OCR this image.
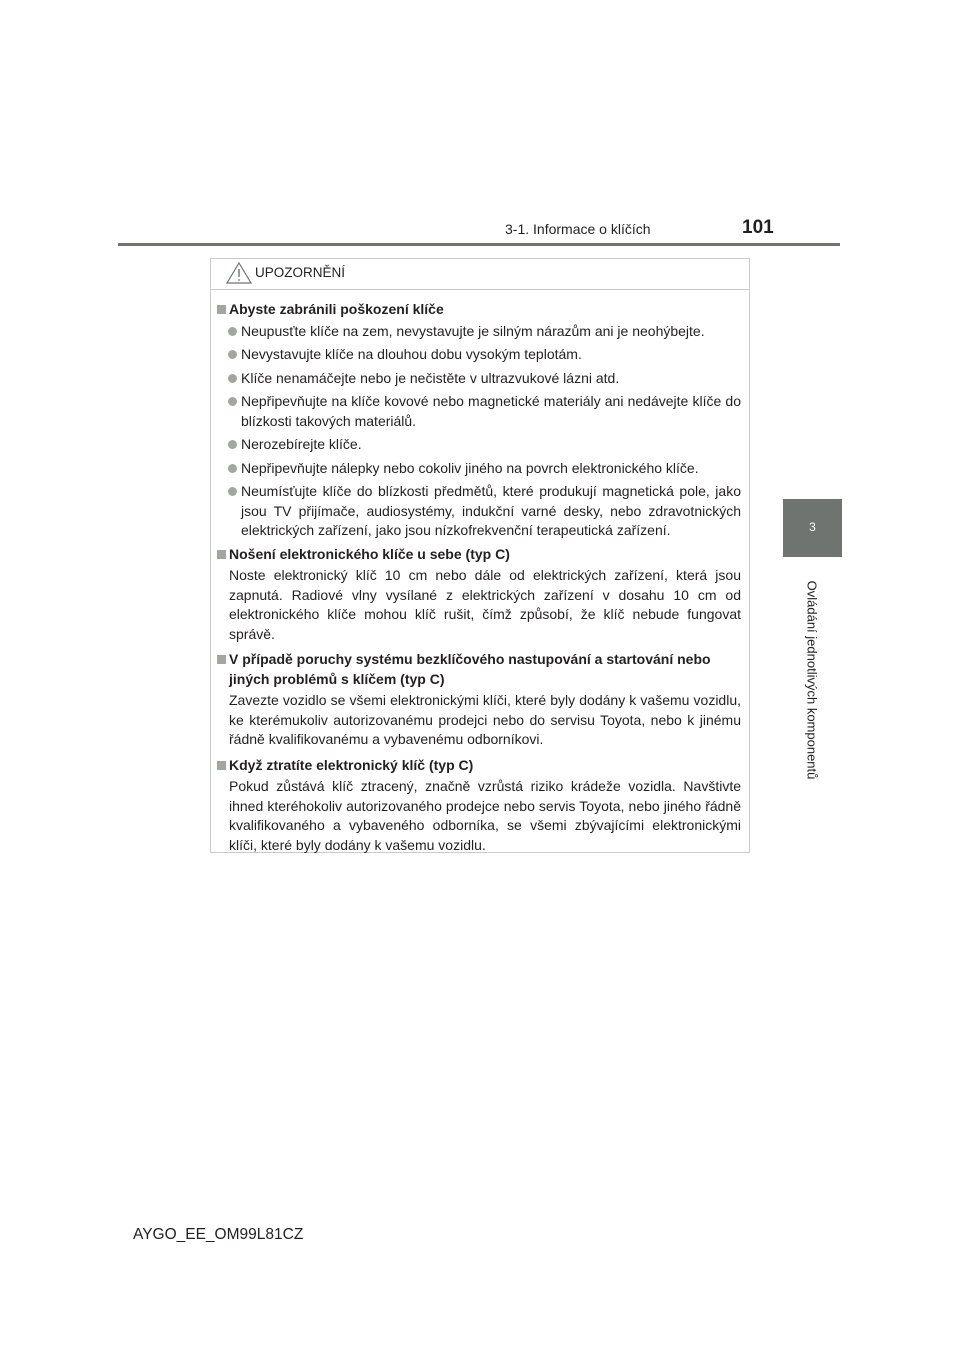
3-1. Informace o klíčích	101
3
Ovládání jednotlivých komponentů
UPOZORNĚNÍ
Abyste zabránili poškození klíče
Neupusťte klíče na zem, nevystavujte je silným nárazům ani je neohýbejte.
Nevystavujte klíče na dlouhou dobu vysokým teplotám.
Klíče nenamáčejte nebo je nečistěte v ultrazvukové lázni atd.
Nepřipevňujte na klíče kovové nebo magnetické materiály ani nedávejte klíče do blízkosti takových materiálů.
Nerozebírejte klíče.
Nepřipevňujte nálepky nebo cokoliv jiného na povrch elektronického klíče.
Neumísťujte klíče do blízkosti předmětů, které produkují magnetická pole, jako jsou TV přijímače, audiosystémy, indukční varné desky, nebo zdravotnických elektrických zařízení, jako jsou nízkofrekvenční terapeutická zařízení.
Nošení elektronického klíče u sebe (typ C)
Noste elektronický klíč 10 cm nebo dále od elektrických zařízení, která jsou zapnutá. Radiové vlny vysílané z elektrických zařízení v dosahu 10 cm od elektronického klíče mohou klíč rušit, čímž způsobí, že klíč nebude fungovat správě.
V případě poruchy systému bezklíčového nastupování a startování nebo jiných problémů s klíčem (typ C)
Zavezte vozidlo se všemi elektronickými klíči, které byly dodány k vašemu vozidlu, ke kterémukoliv autorizovanému prodejci nebo do servisu Toyota, nebo k jinému řádně kvalifikovanému a vybavenému odborníkovi.
Když ztratíte elektronický klíč (typ C)
Pokud zůstává klíč ztracený, značně vzrůstá riziko krádeže vozidla. Navštivte ihned kteréhokoliv autorizovaného prodejce nebo servis Toyota, nebo jiného řádně kvalifikovaného a vybaveného odborníka, se všemi zbývajícími elektronickými klíči, které byly dodány k vašemu vozidlu.
AYGO_EE_OM99L81CZ
